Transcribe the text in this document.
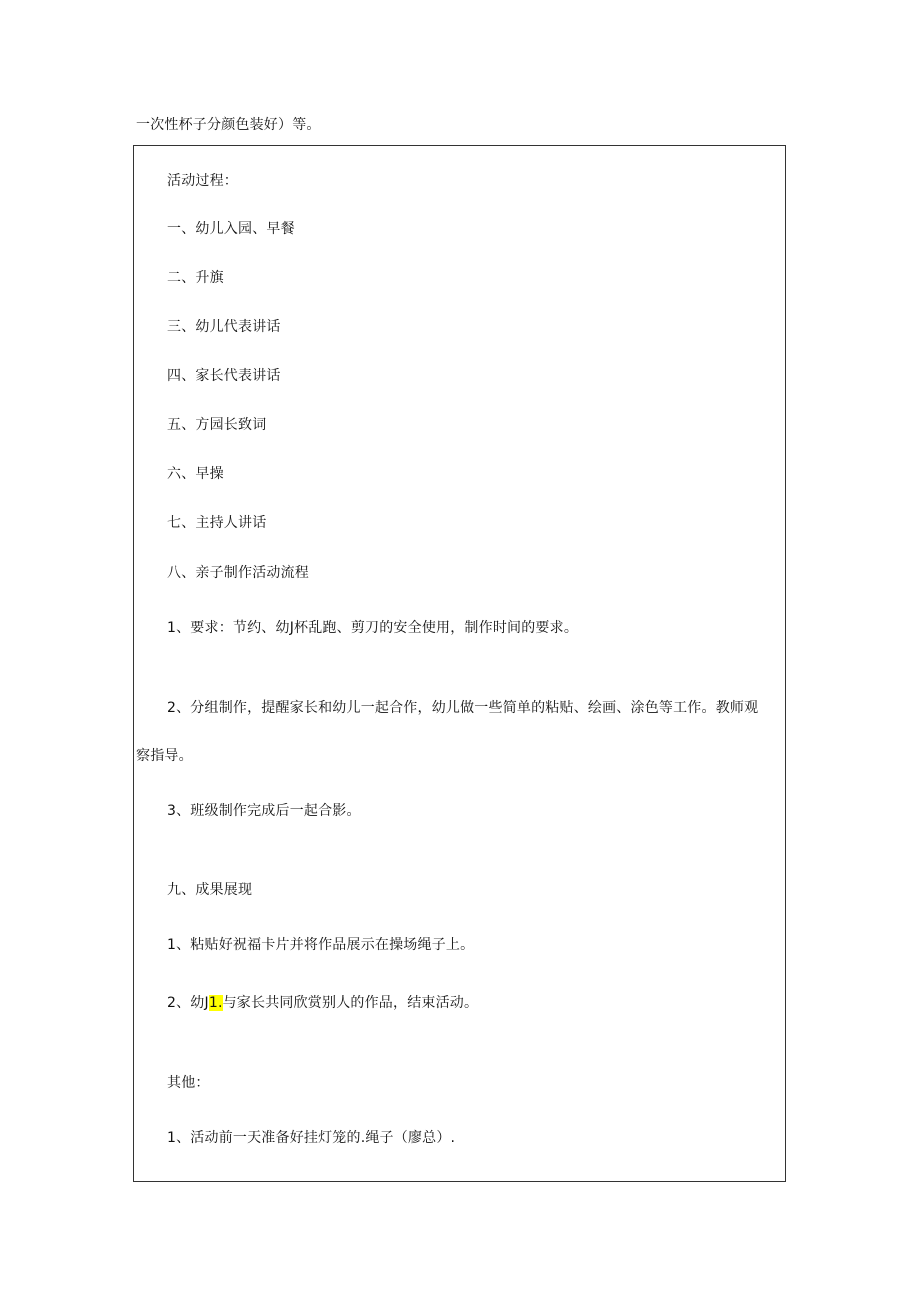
一次性杯子分颜色装好）等。
活动过程：
一、幼儿入园、早餐
二、升旗
三、幼儿代表讲话
四、家长代表讲话
五、方园长致词
六、早操
七、主持人讲话
八、亲子制作活动流程
1、要求：节约、幼J杯乱跑、剪刀的安全使用，制作时间的要求。
2、分组制作，提醒家长和幼儿一起合作，幼儿做一些简单的粘贴、绘画、涂色等工作。教师观
察指导。
3、班级制作完成后一起合影。
九、成果展现
1、粘贴好祝福卡片并将作品展示在操场绳子上。
2、幼J1.与家长共同欣赏别人的作品，结束活动。
其他：
1、活动前一天准备好挂灯笼的.绳子（廖总）.
